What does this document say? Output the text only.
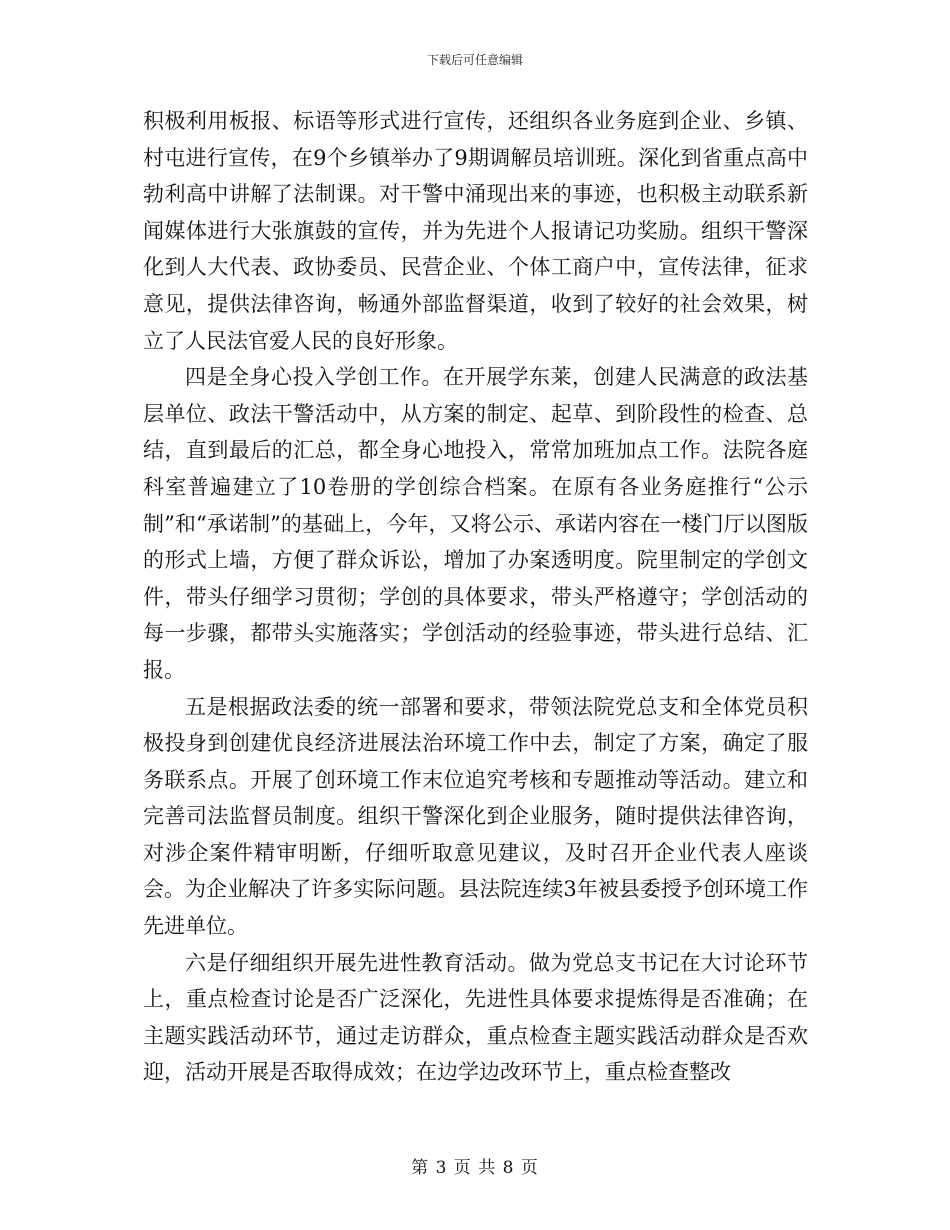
下载后可任意编辑

积极利用板报、标语等形式进行宣传，还组织各业务庭到企业、乡镇、村屯进行宣传，在9个乡镇举办了9期调解员培训班。深化到省重点高中勃利高中讲解了法制课。对干警中涌现出来的事迹，也积极主动联系新闻媒体进行大张旗鼓的宣传，并为先进个人报请记功奖励。组织干警深化到人大代表、政协委员、民营企业、个体工商户中，宣传法律，征求意见，提供法律咨询，畅通外部监督渠道，收到了较好的社会效果，树立了人民法官爱人民的良好形象。

四是全身心投入学创工作。在开展学东莱，创建人民满意的政法基层单位、政法干警活动中，从方案的制定、起草、到阶段性的检查、总结，直到最后的汇总，都全身心地投入，常常加班加点工作。法院各庭科室普遍建立了10卷册的学创综合档案。在原有各业务庭推行“公示制”和“承诺制”的基础上，今年，又将公示、承诺内容在一楼门厅以图版的形式上墙，方便了群众诉讼，增加了办案透明度。院里制定的学创文件，带头仔细学习贯彻；学创的具体要求，带头严格遵守；学创活动的每一步骤，都带头实施落实；学创活动的经验事迹，带头进行总结、汇报。

五是根据政法委的统一部署和要求，带领法院党总支和全体党员积极投身到创建优良经济进展法治环境工作中去，制定了方案，确定了服务联系点。开展了创环境工作末位追究考核和专题推动等活动。建立和完善司法监督员制度。组织干警深化到企业服务，随时提供法律咨询，对涉企案件精审明断，仔细听取意见建议，及时召开企业代表人座谈会。为企业解决了许多实际问题。县法院连续3年被县委授予创环境工作先进单位。

六是仔细组织开展先进性教育活动。做为党总支书记在大讨论环节上，重点检查讨论是否广泛深化，先进性具体要求提炼得是否准确；在主题实践活动环节，通过走访群众，重点检查主题实践活动群众是否欢迎，活动开展是否取得成效；在边学边改环节上，重点检查整改

第 3 页 共 8 页
